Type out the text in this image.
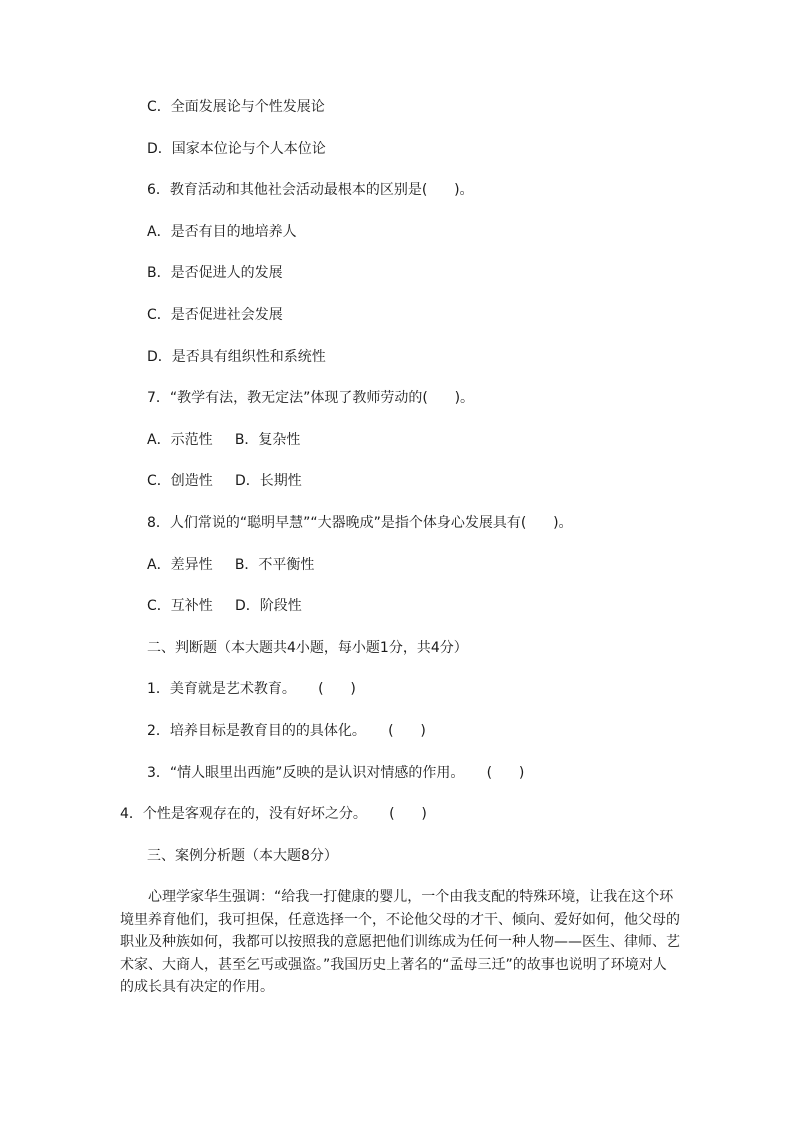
C．全面发展论与个性发展论
D．国家本位论与个人本位论
6．教育活动和其他社会活动最根本的区别是(      )。
A．是否有目的地培养人
B．是否促进人的发展
C．是否促进社会发展
D．是否具有组织性和系统性
7．“教学有法，教无定法”体现了教师劳动的(      )。
A．示范性     B．复杂性
C．创造性     D．长期性
8．人们常说的“聪明早慧”“大器晚成”是指个体身心发展具有(      )。
A．差异性     B．不平衡性
C．互补性     D．阶段性
二、判断题（本大题共4小题，每小题1分，共4分）
1．美育就是艺术教育。     (      )
2．培养目标是教育目的的具体化。     (      )
3．“情人眼里出西施”反映的是认识对情感的作用。     (      )
4．个性是客观存在的，没有好坏之分。     (      )
三、案例分析题（本大题8分）
心理学家华生强调：“给我一打健康的婴儿，一个由我支配的特殊环境，让我在这个环境里养育他们，我可担保，任意选择一个，不论他父母的才干、倾向、爱好如何，他父母的职业及种族如何，我都可以按照我的意愿把他们训练成为任何一种人物——医生、律师、艺术家、大商人，甚至乞丐或强盗。”我国历史上著名的“孟母三迁”的故事也说明了环境对人的成长具有决定的作用。
